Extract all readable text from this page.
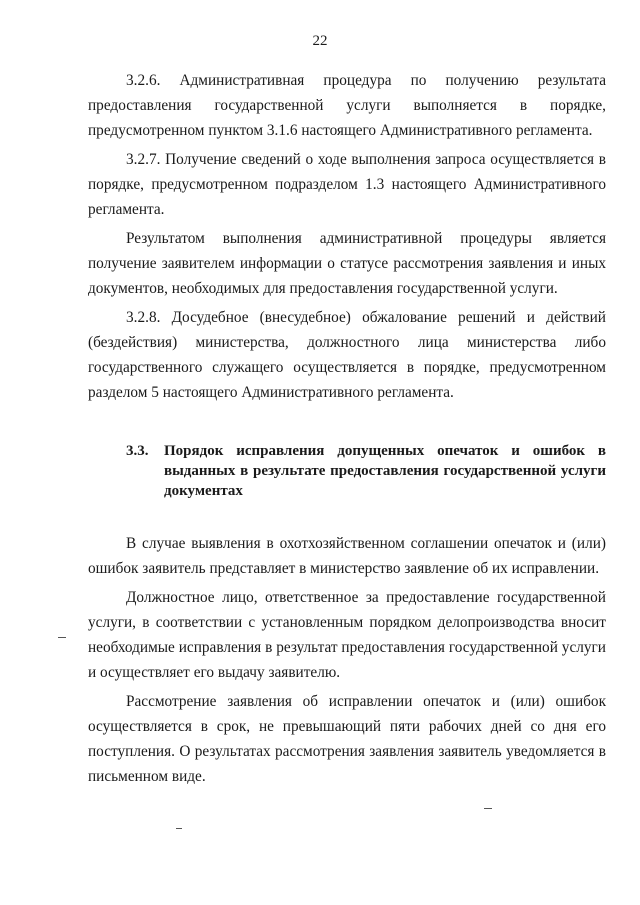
22

3.2.6. Административная процедура по получению результата предоставления государственной услуги выполняется в порядке, предусмотренном пунктом 3.1.6 настоящего Административного регламента.

3.2.7. Получение сведений о ходе выполнения запроса осуществляется в порядке, предусмотренном подразделом 1.3 настоящего Административного регламента.

Результатом выполнения административной процедуры является получение заявителем информации о статусе рассмотрения заявления и иных документов, необходимых для предоставления государственной услуги.

3.2.8. Досудебное (внесудебное) обжалование решений и действий (бездействия) министерства, должностного лица министерства либо государственного служащего осуществляется в порядке, предусмотренном разделом 5 настоящего Административного регламента.

3.3.	Порядок исправления допущенных опечаток и ошибок в выданных в результате предоставления государственной услуги документах

В случае выявления в охотхозяйственном соглашении опечаток и (или) ошибок заявитель представляет в министерство заявление об их исправлении.

Должностное лицо, ответственное за предоставление государственной услуги, в соответствии с установленным порядком делопроизводства вносит необходимые исправления в результат предоставления государственной услуги и осуществляет его выдачу заявителю.

Рассмотрение заявления об исправлении опечаток и (или) ошибок осуществляется в срок, не превышающий пяти рабочих дней со дня его поступления. О результатах рассмотрения заявления заявитель уведомляется в письменном виде.
